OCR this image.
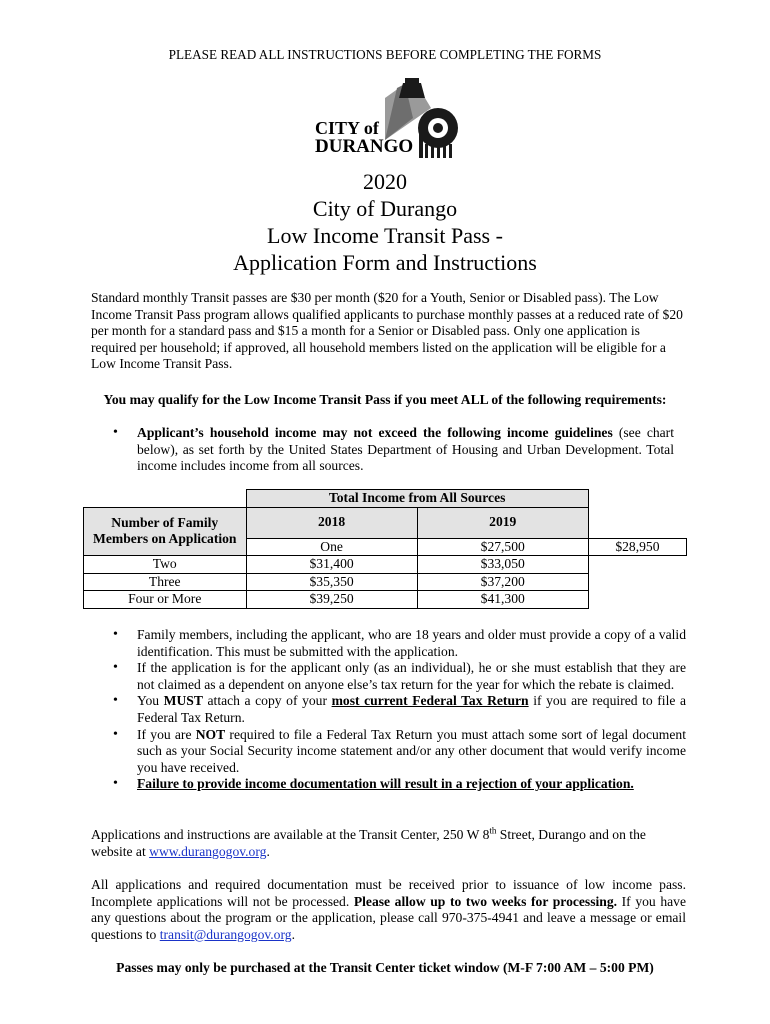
PLEASE READ ALL INSTRUCTIONS BEFORE COMPLETING THE FORMS
CITY of
DURANGO
2020
City of Durango
Low Income Transit Pass -
Application Form and Instructions

Standard monthly Transit passes are $30 per month ($20 for a Youth, Senior or Disabled pass). The Low Income Transit Pass program allows qualified applicants to purchase monthly passes at a reduced rate of $20 per month for a standard pass and $15 a month for a Senior or Disabled pass. Only one application is required per household; if approved, all household members listed on the application will be eligible for a Low Income Transit Pass.

You may qualify for the Low Income Transit Pass if you meet ALL of the following requirements:
• Applicant’s household income may not exceed the following income guidelines (see chart below), as set forth by the United States Department of Housing and Urban Development. Total income includes income from all sources.
	Total Income from All Sources		
Number of Family Members on Application	2018	2019	
	One	$27,500	$28,950
Two	$31,400	$33,050	
Three	$35,350	$37,200	
Four or More	$39,250	$41,300	
• Family members, including the applicant, who are 18 years and older must provide a copy of a valid identification. This must be submitted with the application.
• If the application is for the applicant only (as an individual), he or she must establish that they are not claimed as a dependent on anyone else’s tax return for the year for which the rebate is claimed.
• You MUST attach a copy of your most current Federal Tax Return if you are required to file a Federal Tax Return.
• If you are NOT required to file a Federal Tax Return you must attach some sort of legal document such as your Social Security income statement and/or any other document that would verify income you have received.
• Failure to provide income documentation will result in a rejection of your application.

Applications and instructions are available at the Transit Center, 250 W 8th Street, Durango and on the website at www.durangogov.org.

All applications and required documentation must be received prior to issuance of low income pass. Incomplete applications will not be processed. Please allow up to two weeks for processing. If you have any questions about the program or the application, please call 970-375-4941 and leave a message or email questions to transit@durangogov.org.

Passes may only be purchased at the Transit Center ticket window (M-F 7:00 AM – 5:00 PM)
